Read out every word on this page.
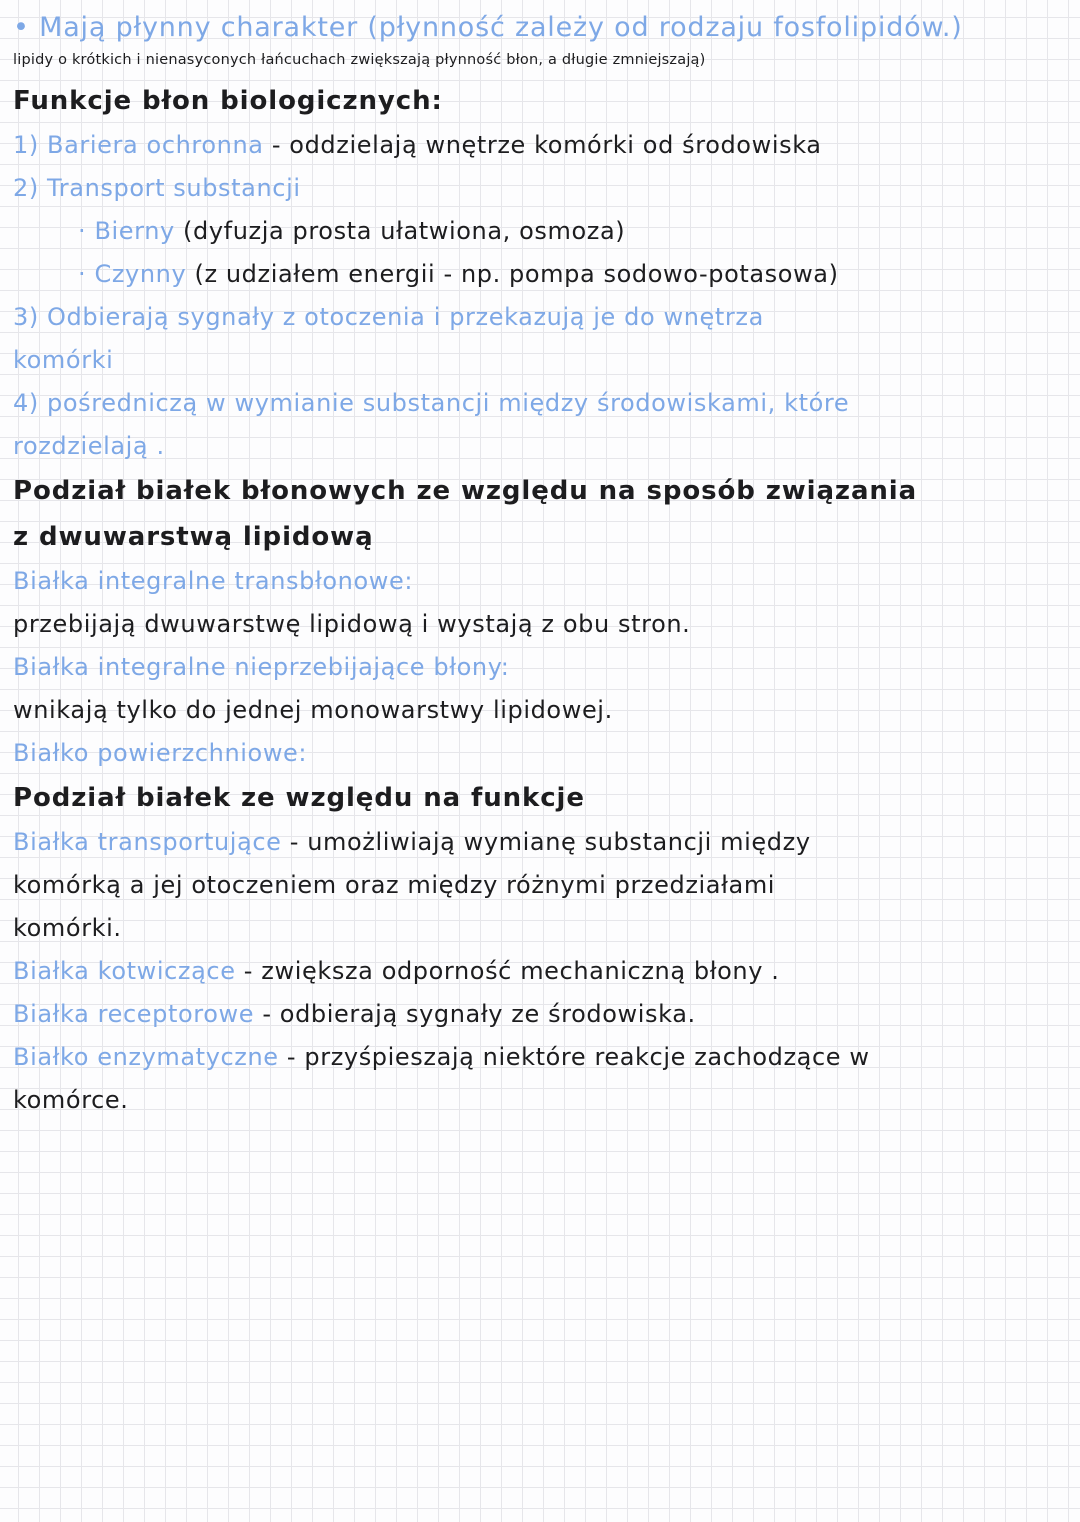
• Mają płynny charakter (płynność zależy od rodzaju fosfolipidów.)
lipidy o krótkich i nienasyconych łańcuchach zwiększają płynność błon, a długie zmniejszają)
Funkcje błon biologicznych:
1) Bariera ochronna - oddzielają wnętrze komórki od środowiska
2) Transport substancji
· Bierny (dyfuzja prosta ułatwiona, osmoza)
· Czynny (z udziałem energii - np. pompa sodowo-potasowa)
3) Odbierają sygnały z otoczenia i przekazują je do wnętrza
komórki
4) pośredniczą w wymianie substancji między środowiskami, które
rozdzielają .
Podział białek błonowych ze względu na sposób związania
z dwuwarstwą lipidową
Białka integralne transbłonowe:
przebijają dwuwarstwę lipidową i wystają z obu stron.
Białka integralne nieprzebijające błony:
wnikają tylko do jednej monowarstwy lipidowej.
Białko powierzchniowe:
Podział białek ze względu na funkcje
Białka transportujące - umożliwiają wymianę substancji między
komórką a jej otoczeniem oraz między różnymi przedziałami
komórki.
Białka kotwiczące - zwiększa odporność mechaniczną błony .
Białka receptorowe - odbierają sygnały ze środowiska.
Białko enzymatyczne - przyśpieszają niektóre reakcje zachodzące w
komórce.
